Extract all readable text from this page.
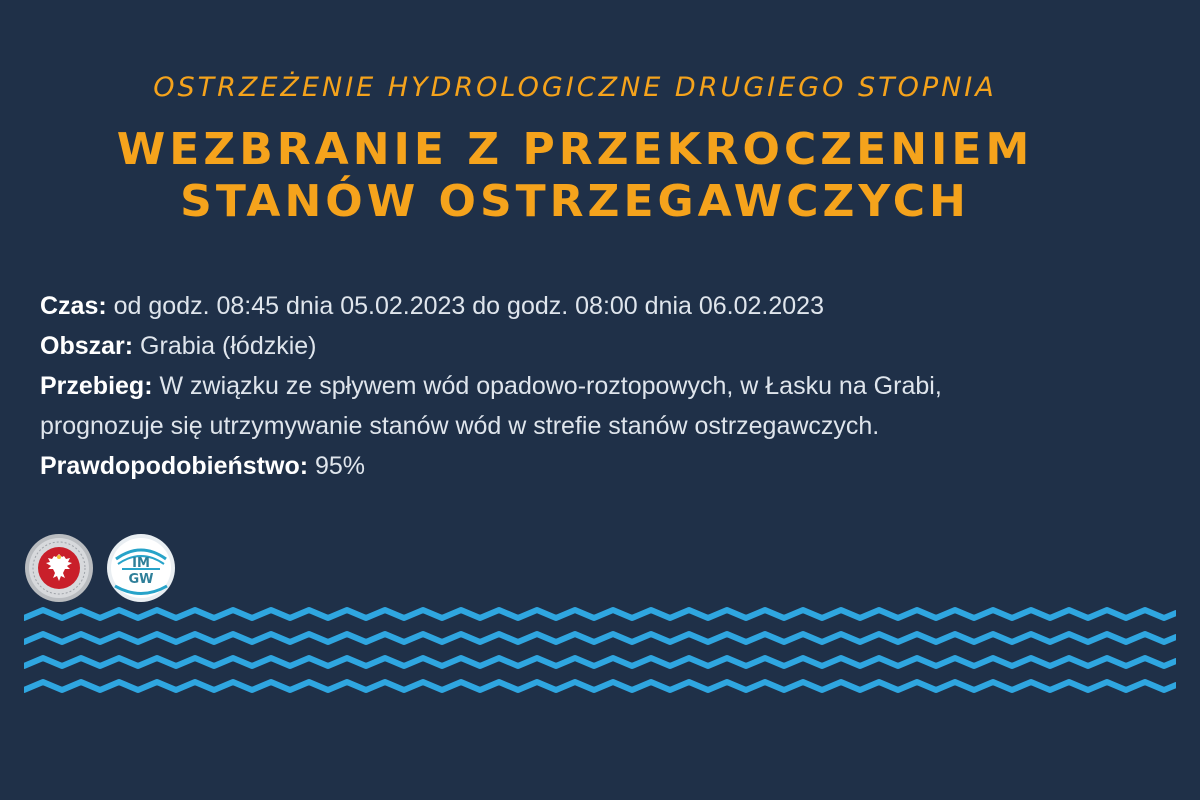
OSTRZEŻENIE HYDROLOGICZNE DRUGIEGO STOPNIA
WEZBRANIE Z PRZEKROCZENIEM
STANÓW OSTRZEGAWCZYCH
Czas: od godz. 08:45 dnia 05.02.2023 do godz. 08:00 dnia 06.02.2023
Obszar: Grabia (łódzkie)
Przebieg: W związku ze spływem wód opadowo-roztopowych, w Łasku na Grabi,
prognozuje się utrzymywanie stanów wód w strefie stanów ostrzegawczych.
Prawdopodobieństwo: 95%
IM
GW
